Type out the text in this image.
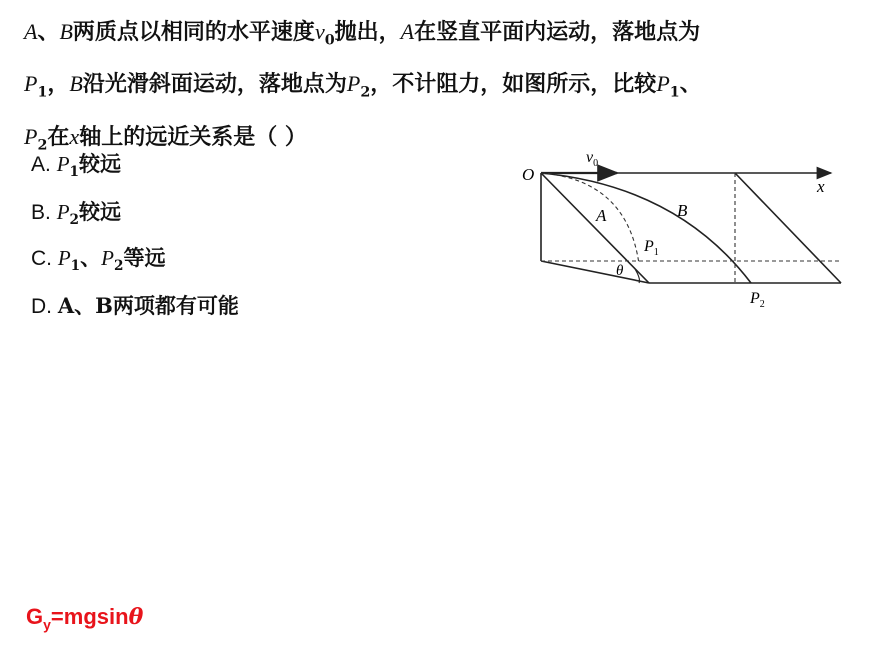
A、B两质点以相同的水平速度$v_0$抛出，A在竖直平面内运动，落地点为
$P_1$，B沿光滑斜面运动，落地点为$P_2$，不计阻力，如图所示，比较$P_1$、
$P_2$在x轴上的远近关系是（ ）
A. $P_1$较远
B. $P_2$较远
C. $P_1$、$P_2$等远
D. A、B两项都有可能
O
$v_0$
x
A	B
$P_1$
θ
$P_2$
$G_y=mgsin\theta$
